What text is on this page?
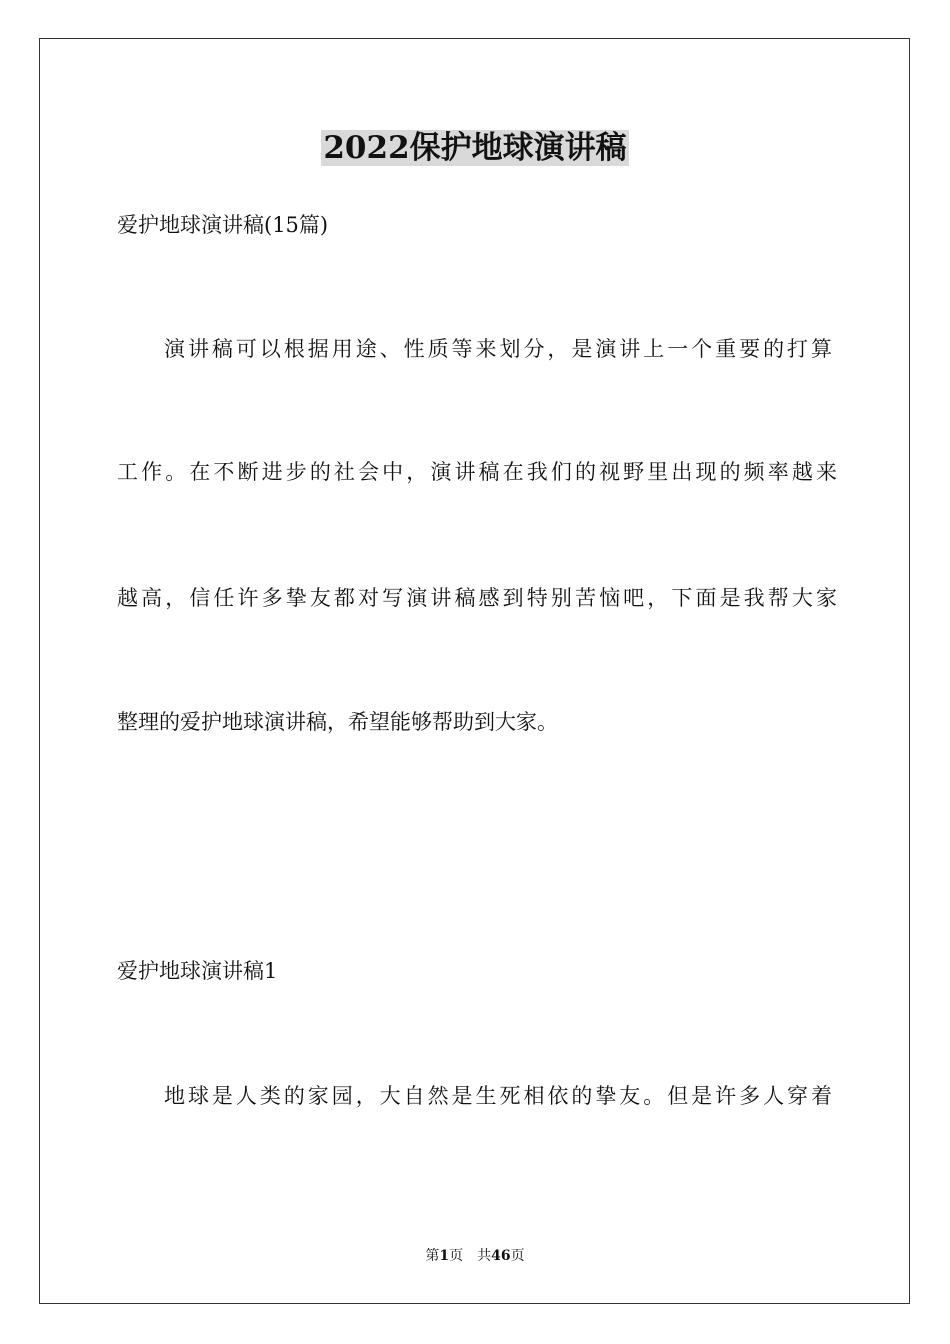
2022保护地球演讲稿
爱护地球演讲稿(15篇)
演讲稿可以根据用途、性质等来划分，是演讲上一个重要的打算
工作。在不断进步的社会中，演讲稿在我们的视野里出现的频率越来
越高，信任许多挚友都对写演讲稿感到特别苦恼吧，下面是我帮大家
整理的爱护地球演讲稿，希望能够帮助到大家。
爱护地球演讲稿1
地球是人类的家园，大自然是生死相依的挚友。但是许多人穿着
第1页 共46页
